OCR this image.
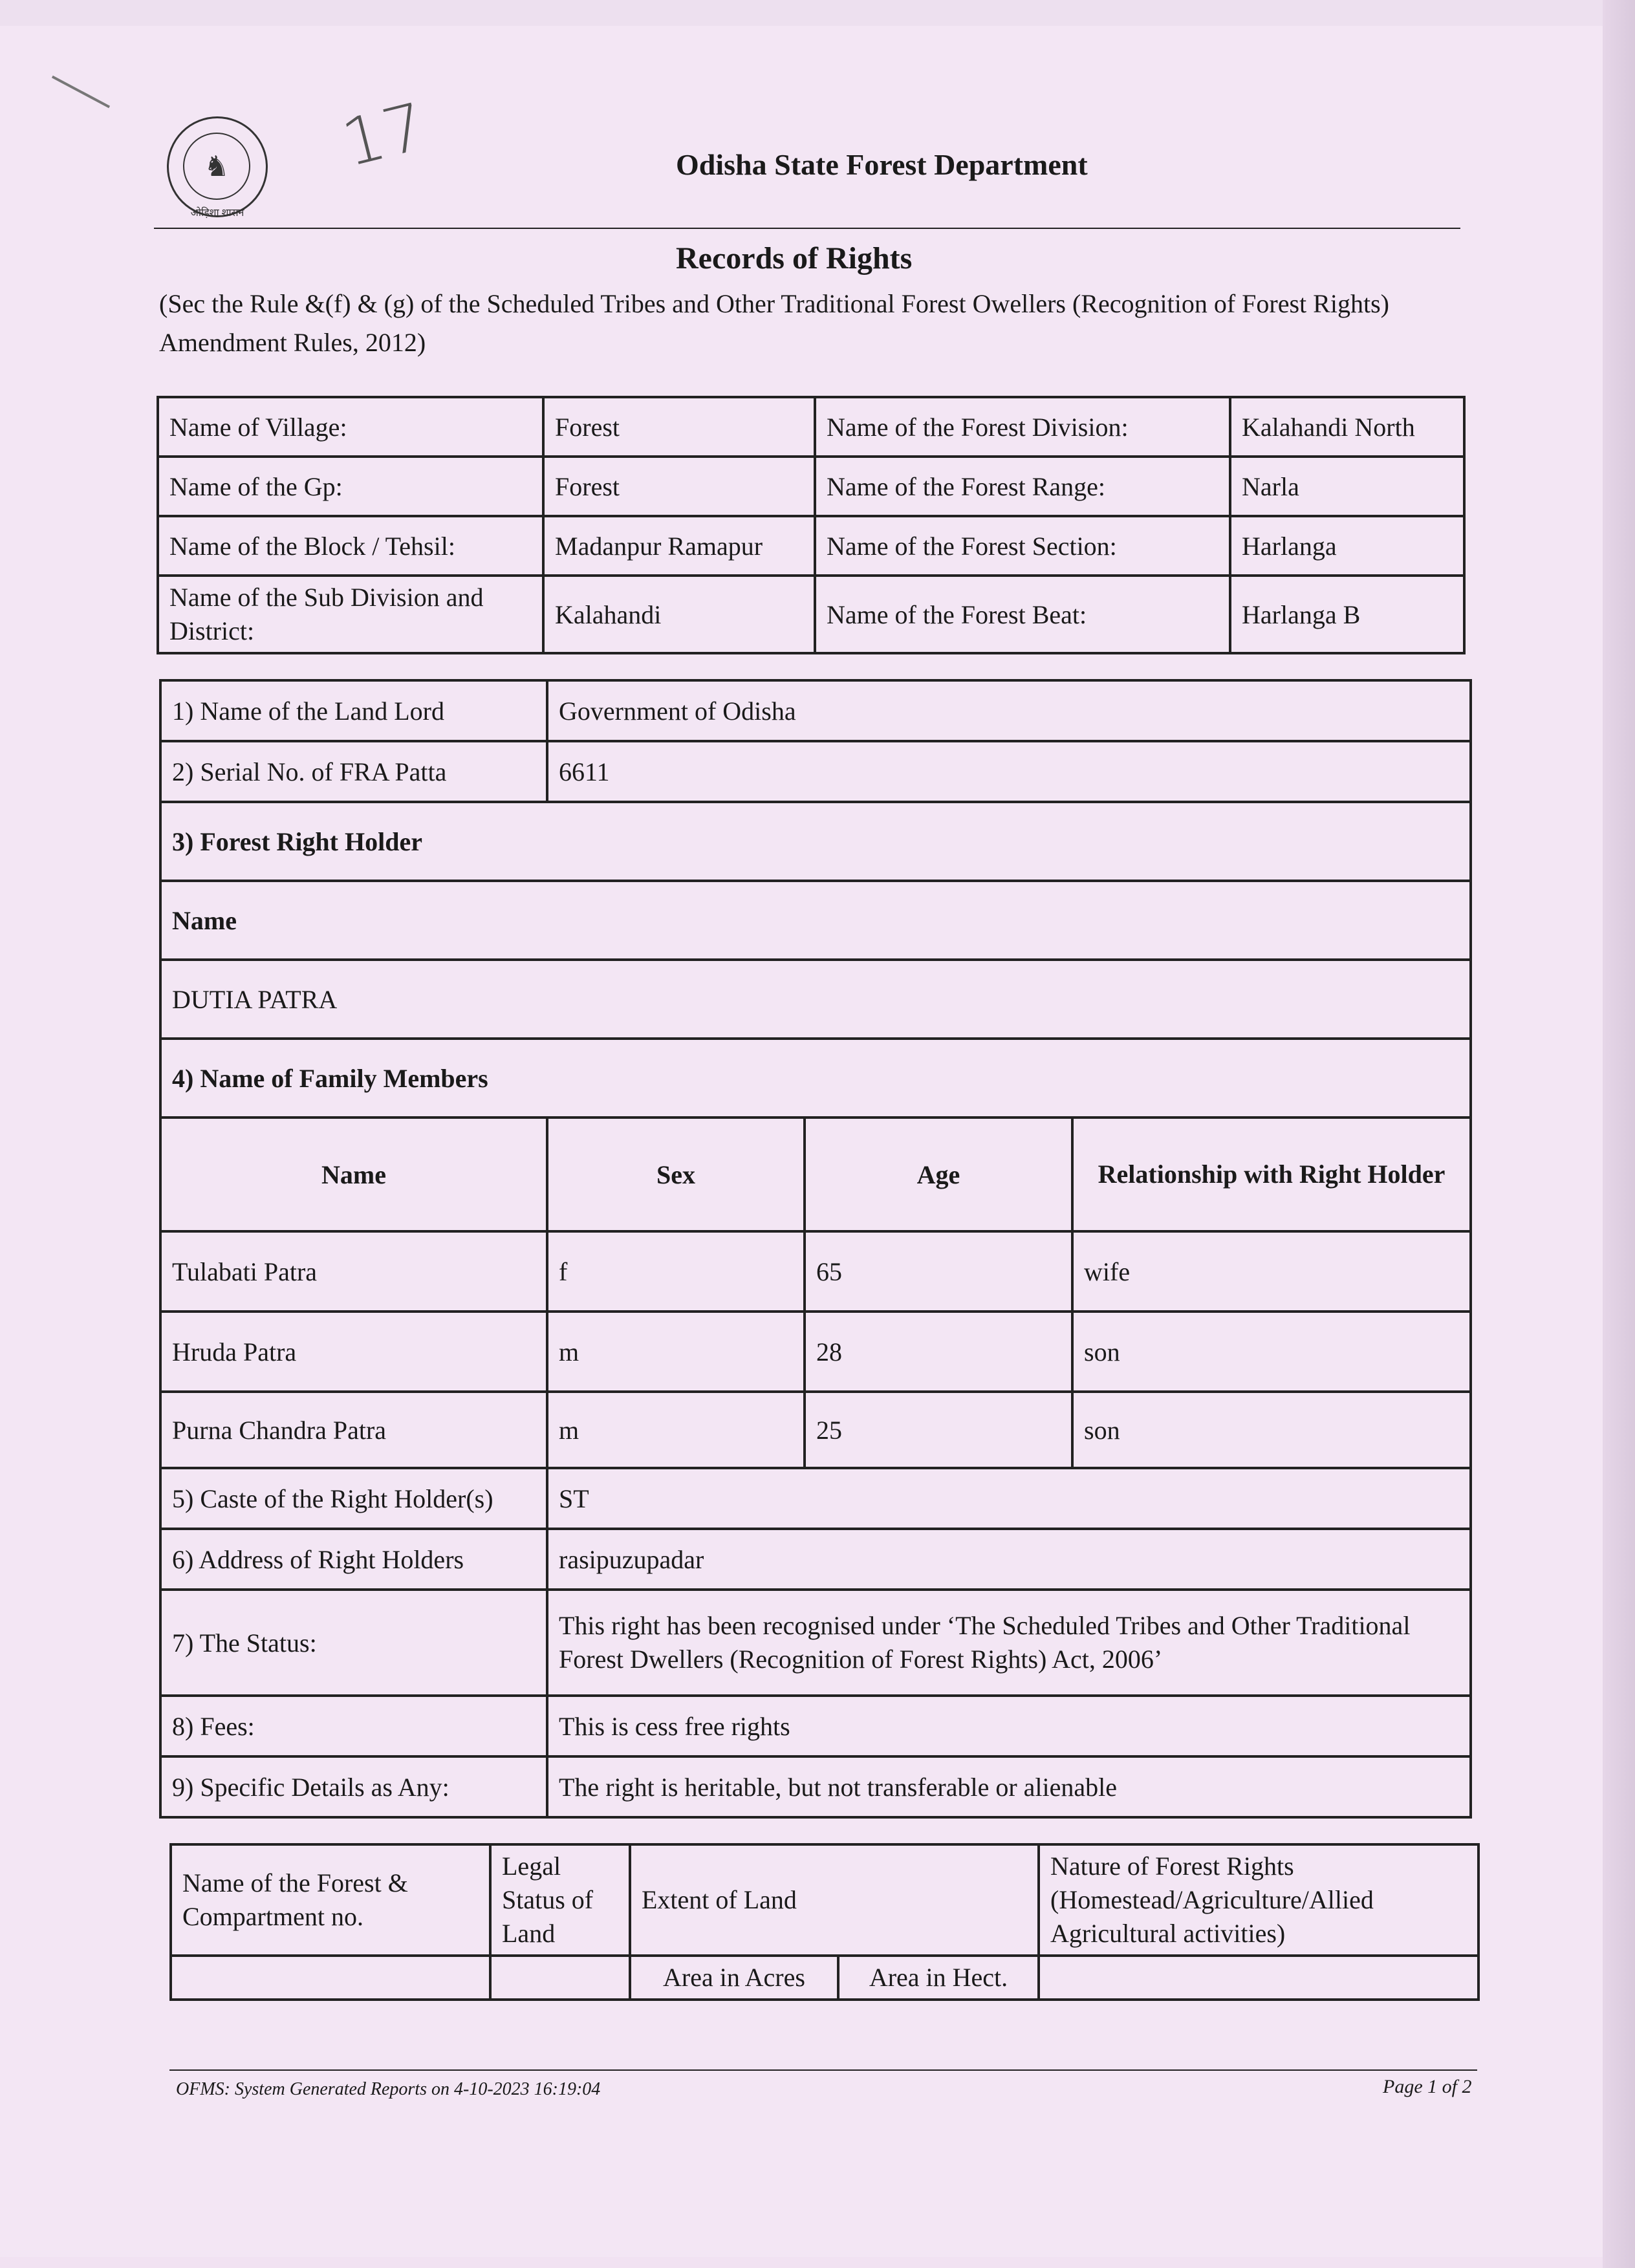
17
♞
ओड़िशा शासन
Odisha State Forest Department
Records of Rights
(Sec the Rule &(f) & (g) of the Scheduled Tribes and Other Traditional Forest Owellers (Recognition of Forest Rights) Amendment Rules, 2012)
Name of Village:	Forest	Name of the Forest Division:	Kalahandi North
Name of the Gp:	Forest	Name of the Forest Range:	Narla
Name of the Block / Tehsil:	Madanpur Ramapur	Name of the Forest Section:	Harlanga
Name of the Sub Division and District:	Kalahandi	Name of the Forest Beat:	Harlanga B
1) Name of the Land Lord	Government of Odisha		
2) Serial No. of FRA Patta	6611		
3) Forest Right Holder			
Name			
DUTIA PATRA			
4) Name of Family Members			
Name	Sex	Age	Relationship with Right Holder
Tulabati Patra	f	65	wife
Hruda Patra	m	28	son
Purna Chandra Patra	m	25	son
5) Caste of the Right Holder(s)	ST		
6) Address of Right Holders	rasipuzupadar		
7) The Status:	This right has been recognised under ‘The Scheduled Tribes and Other Traditional
Forest Dwellers (Recognition of Forest Rights) Act, 2006’		

8) Fees:	This is cess free rights		
9) Specific Details as Any:	The right is heritable, but not transferable or alienable		
Name of the Forest & Compartment no.	Legal Status of Land	Extent of Land		Nature of Forest Rights (Homestead/Agriculture/Allied Agricultural activities)
		Area in Acres	Area in Hect.	
OFMS: System Generated Reports on 4-10-2023 16:19:04	Page 1 of 2
